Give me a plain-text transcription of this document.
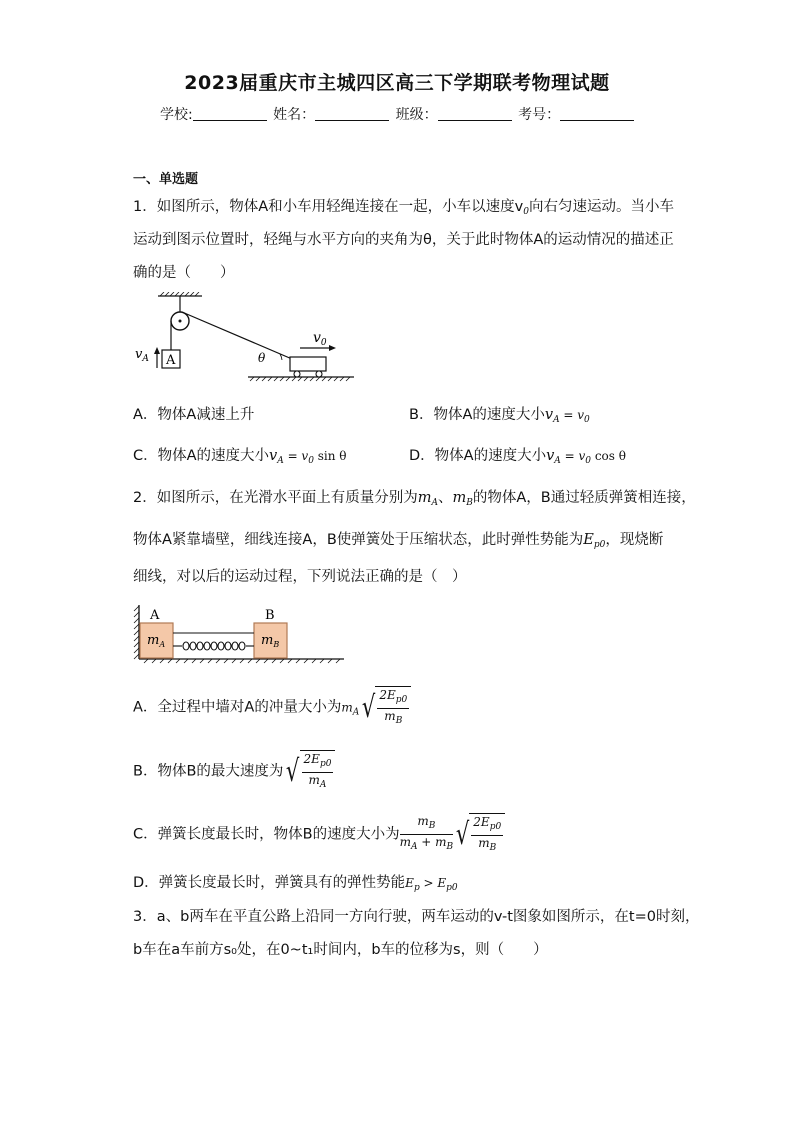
2023届重庆市主城四区高三下学期联考物理试题
学校:	姓名：	班级：	考号：
一、单选题
1．如图所示，物体A和小车用轻绳连接在一起，小车以速度$v_0$向右匀速运动。当小车
运动到图示位置时，轻绳与水平方向的夹角为θ，关于此时物体A的运动情况的描述正
确的是（　　）
A
$v_A$	θ
$v_0$
A．物体A减速上升	B．物体A的速度大小$v_A = v_0$
C．物体A的速度大小$v_A = v_0$ sin θ	D．物体A的速度大小$v_A = v_0$ cos θ
2．如图所示，在光滑水平面上有质量分别为$m_A$、$m_B$的物体A，B通过轻质弹簧相连接，
物体A紧靠墙壁，细线连接A，B使弹簧处于压缩状态，此时弹性势能为$E_{p0}$，现烧断
细线，对以后的运动过程，下列说法正确的是（　）
A	B
$m_A$	$m_B$
A．全过程中墙对A的冲量大小为$m_A√ \frac{2E_{p0}}{m_B}$
B．物体B的最大速度为√ $\frac{2E_{p0}}{m_A}$
C．弹簧长度最长时，物体B的速度大小为 $\frac{m_B}{m_A + m_B}$ √ $\frac{2E_{p0}}{m_B}$
D．弹簧长度最长时，弹簧具有的弹性势能$E_p > E_{p0}$
3．a、b两车在平直公路上沿同一方向行驶，两车运动的v-t图象如图所示，在t=0时刻，
b车在a车前方s₀处，在0~t₁时间内，b车的位移为s，则（　　）
